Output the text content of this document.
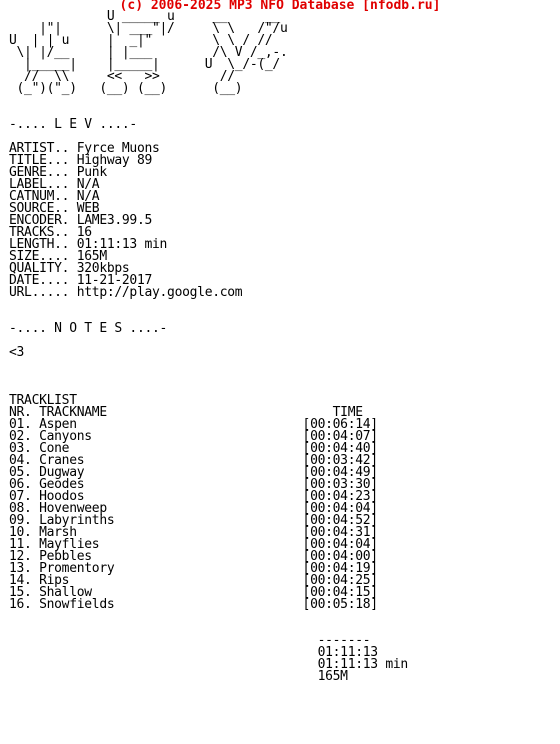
(c) 2006-2025 MP3 NFO Database [nfodb.ru]
U _____ u     __     __
|"|      \| ___"|/     \ \   /"/u
U  | | u     |  _|"        \ \ / //
\| |/__     | |___        /\ V /_,-.
|_____|    |_____|      U  \_/-(_/
//  \\     <<   >>        //
(_")("_)   (__) (__)      (__)

-.... L E V ....-

ARTIST.. Fyrce Muons
TITLE... Highway 89
GENRE... Punk
LABEL... N/A
CATNUM.. N/A
SOURCE.. WEB
ENCODER. LAME3.99.5
TRACKS.. 16
LENGTH.. 01:11:13 min
SIZE.... 165M
QUALITY. 320kbps
DATE.... 11-21-2017
URL..... http://play.google.com

-.... N O T E S ....-

<3

TRACKLIST
NR. TRACKNAME                              TIME
01. Aspen                              [00:06:14]
02. Canyons                            [00:04:07]
03. Cone                               [00:04:40]
04. Cranes                             [00:03:42]
05. Dugway                             [00:04:49]
06. Geodes                             [00:03:30]
07. Hoodos                             [00:04:23]
08. Hovenweep                          [00:04:04]
09. Labyrinths                         [00:04:52]
10. Marsh                              [00:04:31]
11. Mayflies                           [00:04:04]
12. Pebbles                            [00:04:00]
13. Promentory                         [00:04:19]
14. Rips                               [00:04:25]
15. Shallow                            [00:04:15]
16. Snowfields                         [00:05:18]

-------
01:11:13
01:11:13 min
165M
